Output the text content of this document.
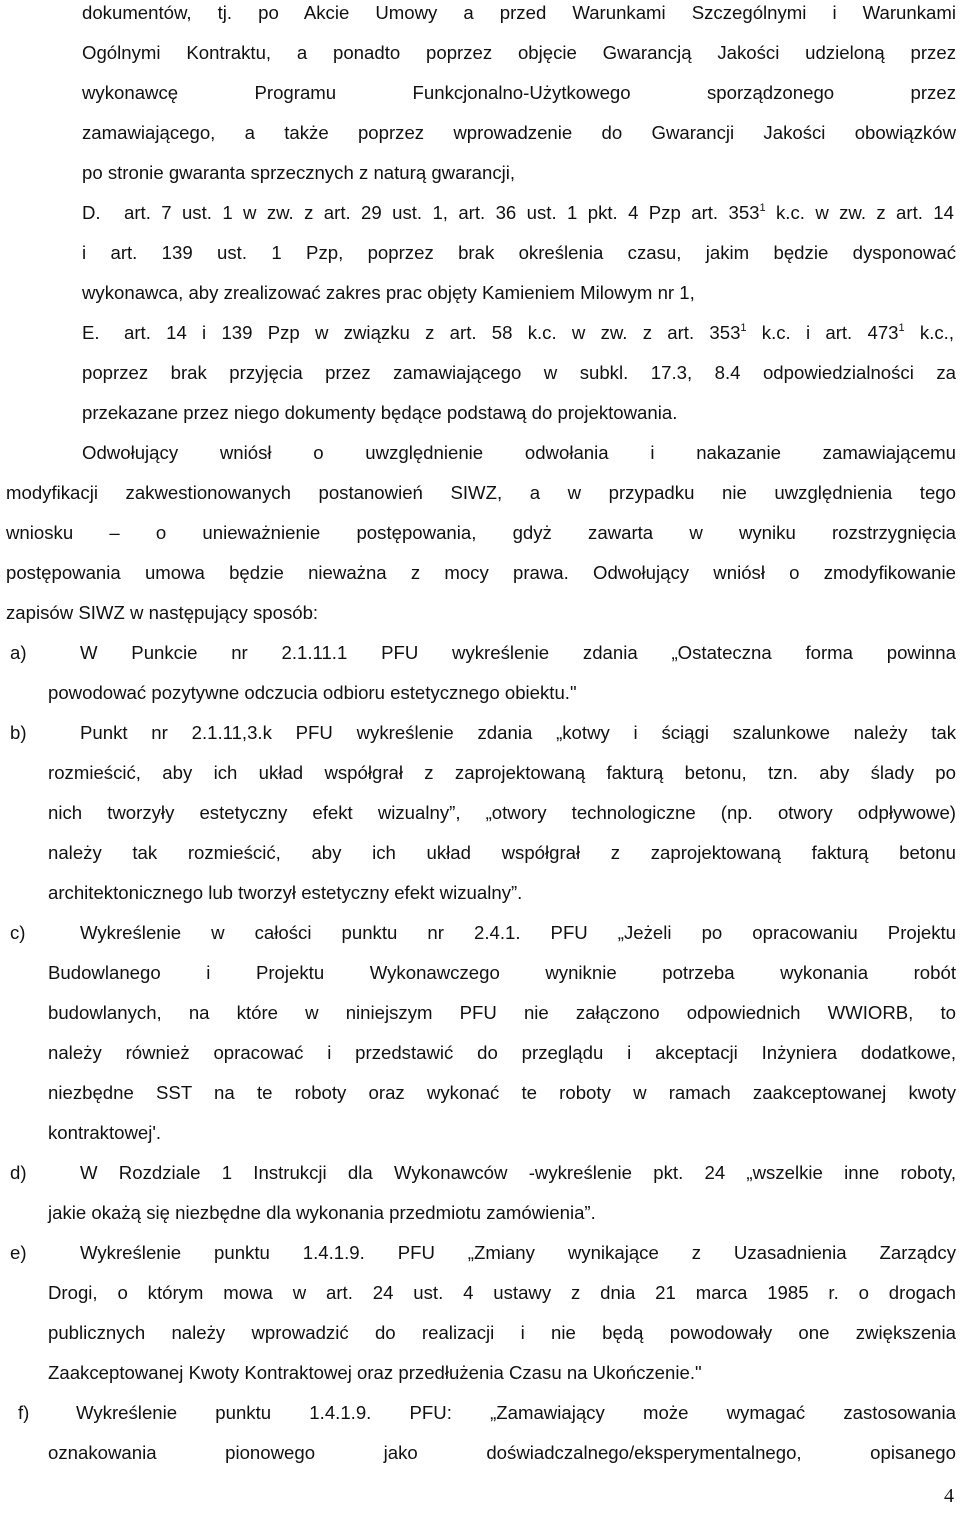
dokumentów, tj. po Akcie Umowy a przed Warunkami Szczególnymi i Warunkami
Ogólnymi Kontraktu, a ponadto poprzez objęcie Gwarancją Jakości udzieloną przez
wykonawcę Programu Funkcjonalno-Użytkowego sporządzonego przez
zamawiającego, a także poprzez wprowadzenie do Gwarancji Jakości obowiązków
po stronie gwaranta sprzecznych z naturą gwarancji,
D. art. 7 ust. 1 w zw. z art. 29 ust. 1, art. 36 ust. 1 pkt. 4 Pzp art. $353^1$ k.c. w zw. z art. 14
i art. 139 ust. 1 Pzp, poprzez brak określenia czasu, jakim będzie dysponować
wykonawca, aby zrealizować zakres prac objęty Kamieniem Milowym nr 1,
E. art. 14 i 139 Pzp w związku z art. 58 k.c. w zw. z art. $353^1$ k.c. i art. $473^1$ k.c.,
poprzez brak przyjęcia przez zamawiającego w subkl. 17.3, 8.4 odpowiedzialności za
przekazane przez niego dokumenty będące podstawą do projektowania.
Odwołujący wniósł o uwzględnienie odwołania i nakazanie zamawiającemu
modyfikacji zakwestionowanych postanowień SIWZ, a w przypadku nie uwzględnienia tego
wniosku – o unieważnienie postępowania, gdyż zawarta w wyniku rozstrzygnięcia
postępowania umowa będzie nieważna z mocy prawa. Odwołujący wniósł o zmodyfikowanie
zapisów SIWZ w następujący sposób:
a)	W Punkcie nr 2.1.11.1 PFU wykreślenie zdania „Ostateczna forma powinna
powodować pozytywne odczucia odbioru estetycznego obiektu."
b)	Punkt nr 2.1.11,3.k PFU wykreślenie zdania „kotwy i ściągi szalunkowe należy tak
rozmieścić, aby ich układ współgrał z zaprojektowaną fakturą betonu, tzn. aby ślady po
nich tworzyły estetyczny efekt wizualny”, „otwory technologiczne (np. otwory odpływowe)
należy tak rozmieścić, aby ich układ współgrał z zaprojektowaną fakturą betonu
architektonicznego lub tworzył estetyczny efekt wizualny”.
c)	Wykreślenie w całości punktu nr 2.4.1. PFU „Jeżeli po opracowaniu Projektu
Budowlanego i Projektu Wykonawczego wyniknie potrzeba wykonania robót
budowlanych, na które w niniejszym PFU nie załączono odpowiednich WWIORB, to
należy również opracować i przedstawić do przeglądu i akceptacji Inżyniera dodatkowe,
niezbędne SST na te roboty oraz wykonać te roboty w ramach zaakceptowanej kwoty
kontraktowej'.
d)	W Rozdziale 1 Instrukcji dla Wykonawców -wykreślenie pkt. 24 „wszelkie inne roboty,
jakie okażą się niezbędne dla wykonania przedmiotu zamówienia”.
e)	Wykreślenie punktu 1.4.1.9. PFU „Zmiany wynikające z Uzasadnienia Zarządcy
Drogi, o którym mowa w art. 24 ust. 4 ustawy z dnia 21 marca 1985 r. o drogach
publicznych należy wprowadzić do realizacji i nie będą powodowały one zwiększenia
Zaakceptowanej Kwoty Kontraktowej oraz przedłużenia Czasu na Ukończenie."
f)	Wykreślenie punktu 1.4.1.9. PFU: „Zamawiający może wymagać zastosowania
oznakowania pionowego jako doświadczalnego/eksperymentalnego, opisanego
4
